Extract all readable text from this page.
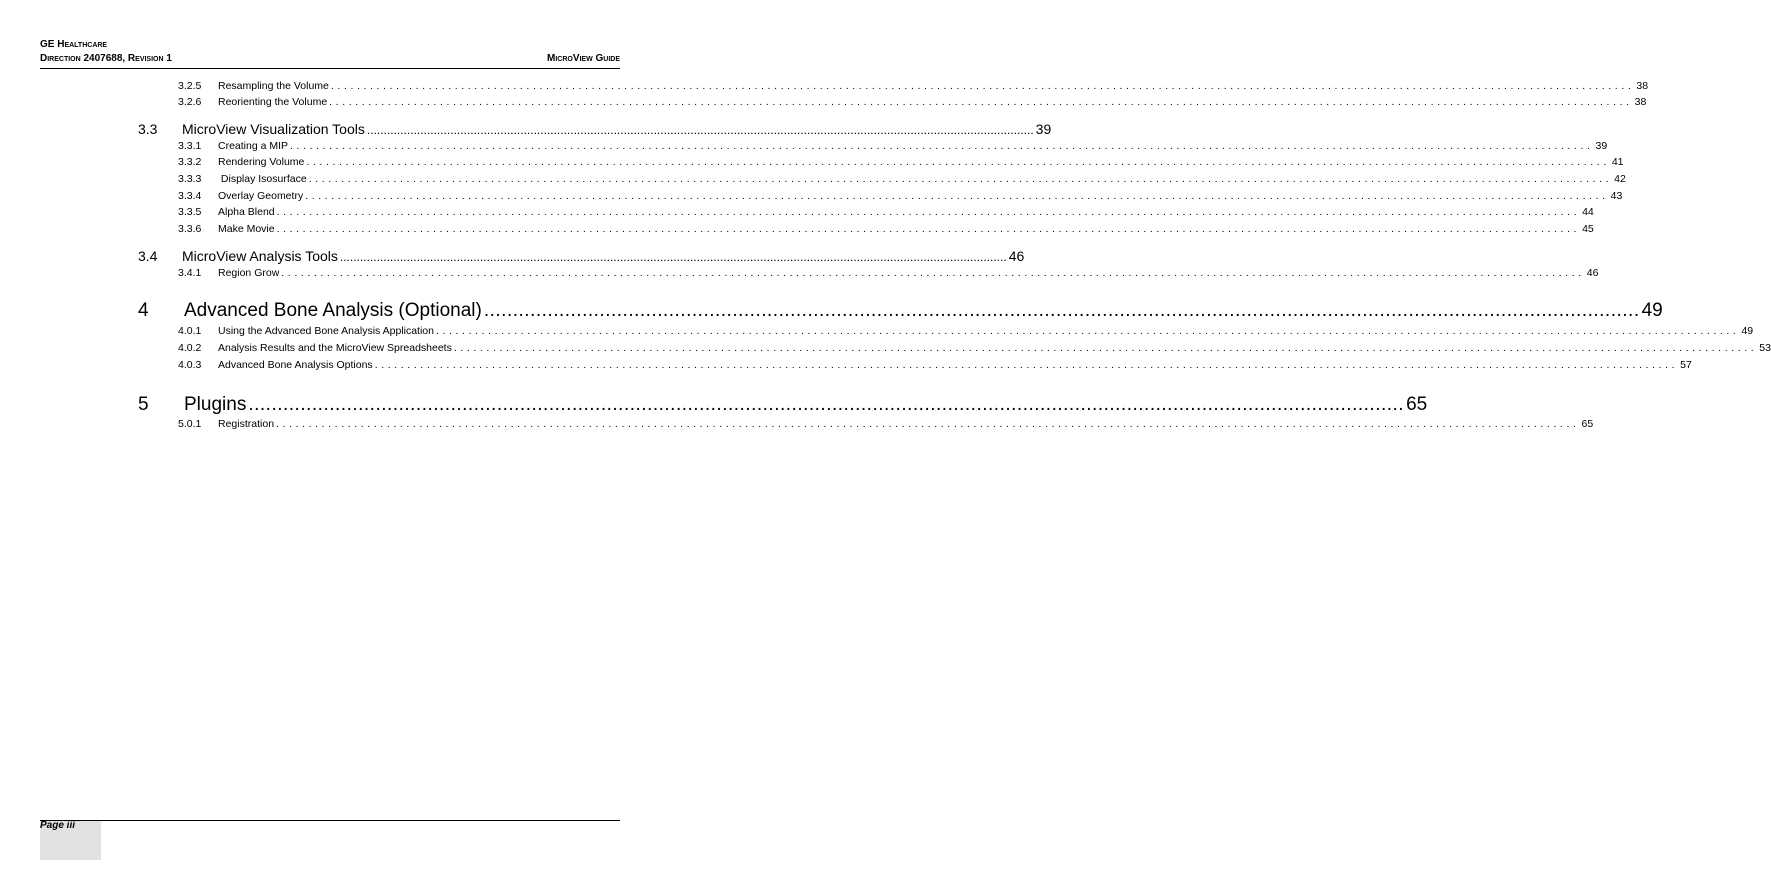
GE Healthcare
Direction 2407688, Revision 1	MicroView Guide
3.2.5	Resampling the Volume ........................................................................................................................................................................................................ 38
3.2.6	Reorienting the Volume ........................................................................................................................................................................................................ 38
3.3	MicroView Visualization Tools ........................................................................................................................................................................................................ 39
3.3.1	Creating a MIP ........................................................................................................................................................................................................ 39
3.3.2	Rendering Volume ........................................................................................................................................................................................................ 41
3.3.3	Display Isosurface ........................................................................................................................................................................................................ 42
3.3.4	Overlay Geometry ........................................................................................................................................................................................................ 43
3.3.5	Alpha Blend ........................................................................................................................................................................................................ 44
3.3.6	Make Movie ........................................................................................................................................................................................................ 45
3.4	MicroView Analysis Tools ........................................................................................................................................................................................................ 46
3.4.1	Region Grow ........................................................................................................................................................................................................ 46
4	Advanced Bone Analysis (Optional) ........................................................................................................................................................................................................ 49
4.0.1	Using the Advanced Bone Analysis Application ........................................................................................................................................................................................................ 49
4.0.2	Analysis Results and the MicroView Spreadsheets ........................................................................................................................................................................................................ 53
4.0.3	Advanced Bone Analysis Options ........................................................................................................................................................................................................ 57
5	Plugins ........................................................................................................................................................................................................ 65
5.0.1	Registration ........................................................................................................................................................................................................ 65
Page iii
